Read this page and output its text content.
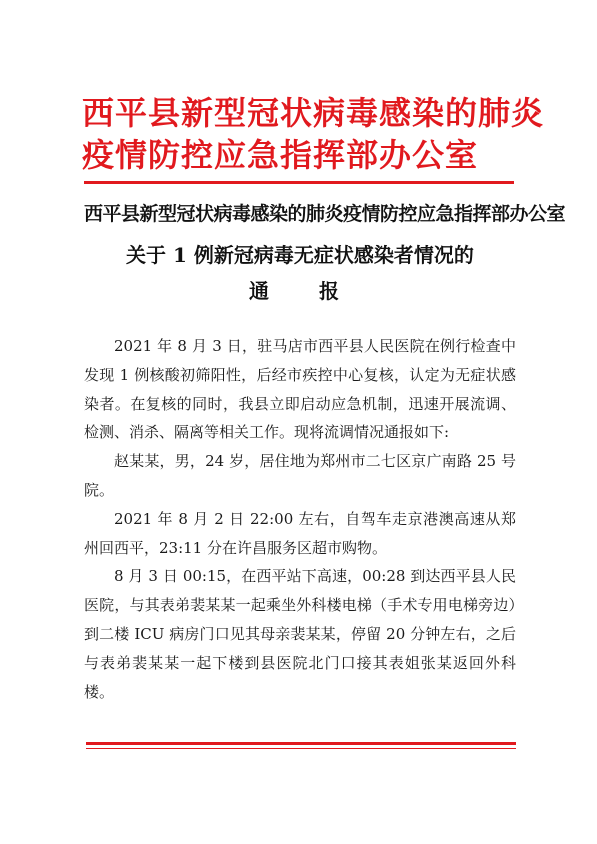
西平县新型冠状病毒感染的肺炎
疫情防控应急指挥部办公室
西平县新型冠状病毒感染的肺炎疫情防控应急指挥部办公室
关于 1 例新冠病毒无症状感染者情况的
通	报

2021 年 8 月 3 日，驻马店市西平县人民医院在例行检查中发现 1 例核酸初筛阳性，后经市疾控中心复核，认定为无症状感染者。在复核的同时，我县立即启动应急机制，迅速开展流调、检测、消杀、隔离等相关工作。现将流调情况通报如下:

赵某某，男，24 岁，居住地为郑州市二七区京广南路 25 号院。

2021 年 8 月 2 日 22:00 左右，自驾车走京港澳高速从郑州回西平，23:11 分在许昌服务区超市购物。

8 月 3 日 00:15，在西平站下高速，00:28 到达西平县人民医院，与其表弟裴某某一起乘坐外科楼电梯（手术专用电梯旁边）到二楼 ICU 病房门口见其母亲裴某某，停留 20 分钟左右，之后与表弟裴某某一起下楼到县医院北门口接其表姐张某返回外科楼。
